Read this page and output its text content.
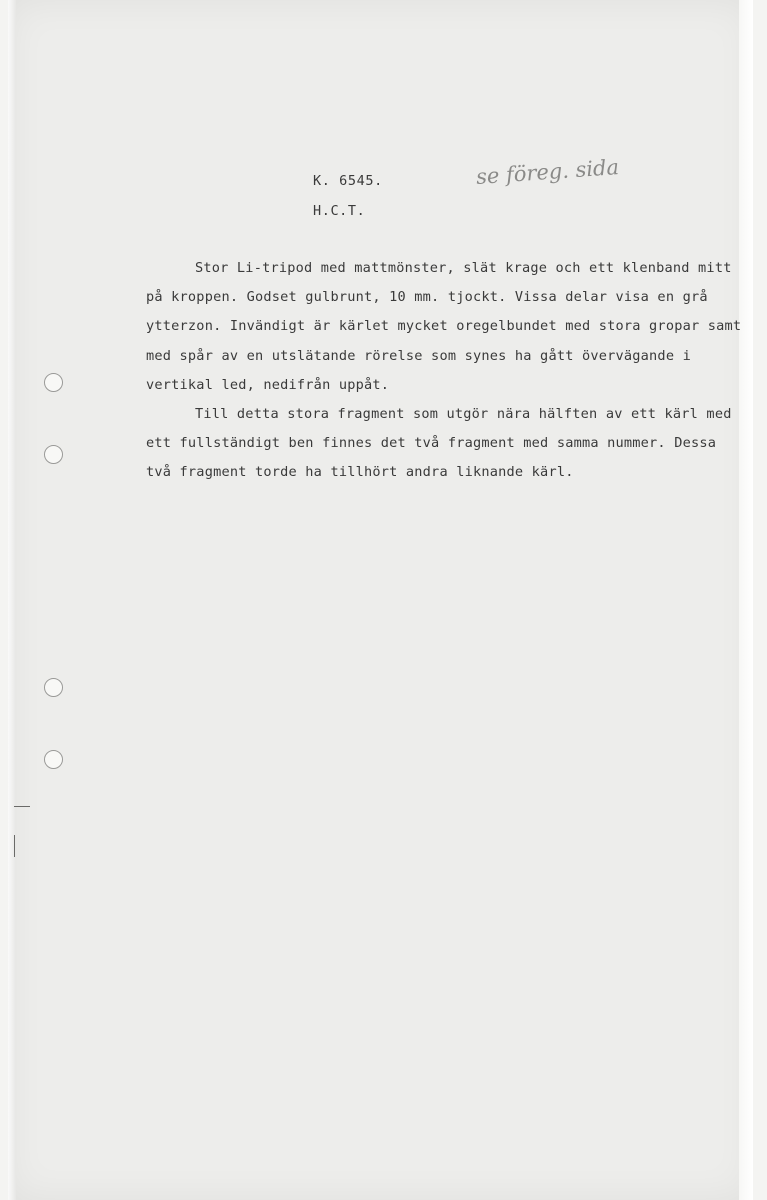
K. 6545.
H.C.T.
se föreg. sida

Stor Li-tripod med mattmönster, slät krage och ett klenband mitt på kroppen. Godset gulbrunt, 10 mm. tjockt. Vissa delar visa en grå ytterzon. Invändigt är kärlet mycket oregelbundet med stora gropar samt med spår av en utslätande rörelse som synes ha gått övervägande i vertikal led, nedifrån uppåt.

Till detta stora fragment som utgör nära hälften av ett kärl med ett fullständigt ben finnes det två fragment med samma nummer. Dessa två fragment torde ha tillhört andra liknande kärl.
